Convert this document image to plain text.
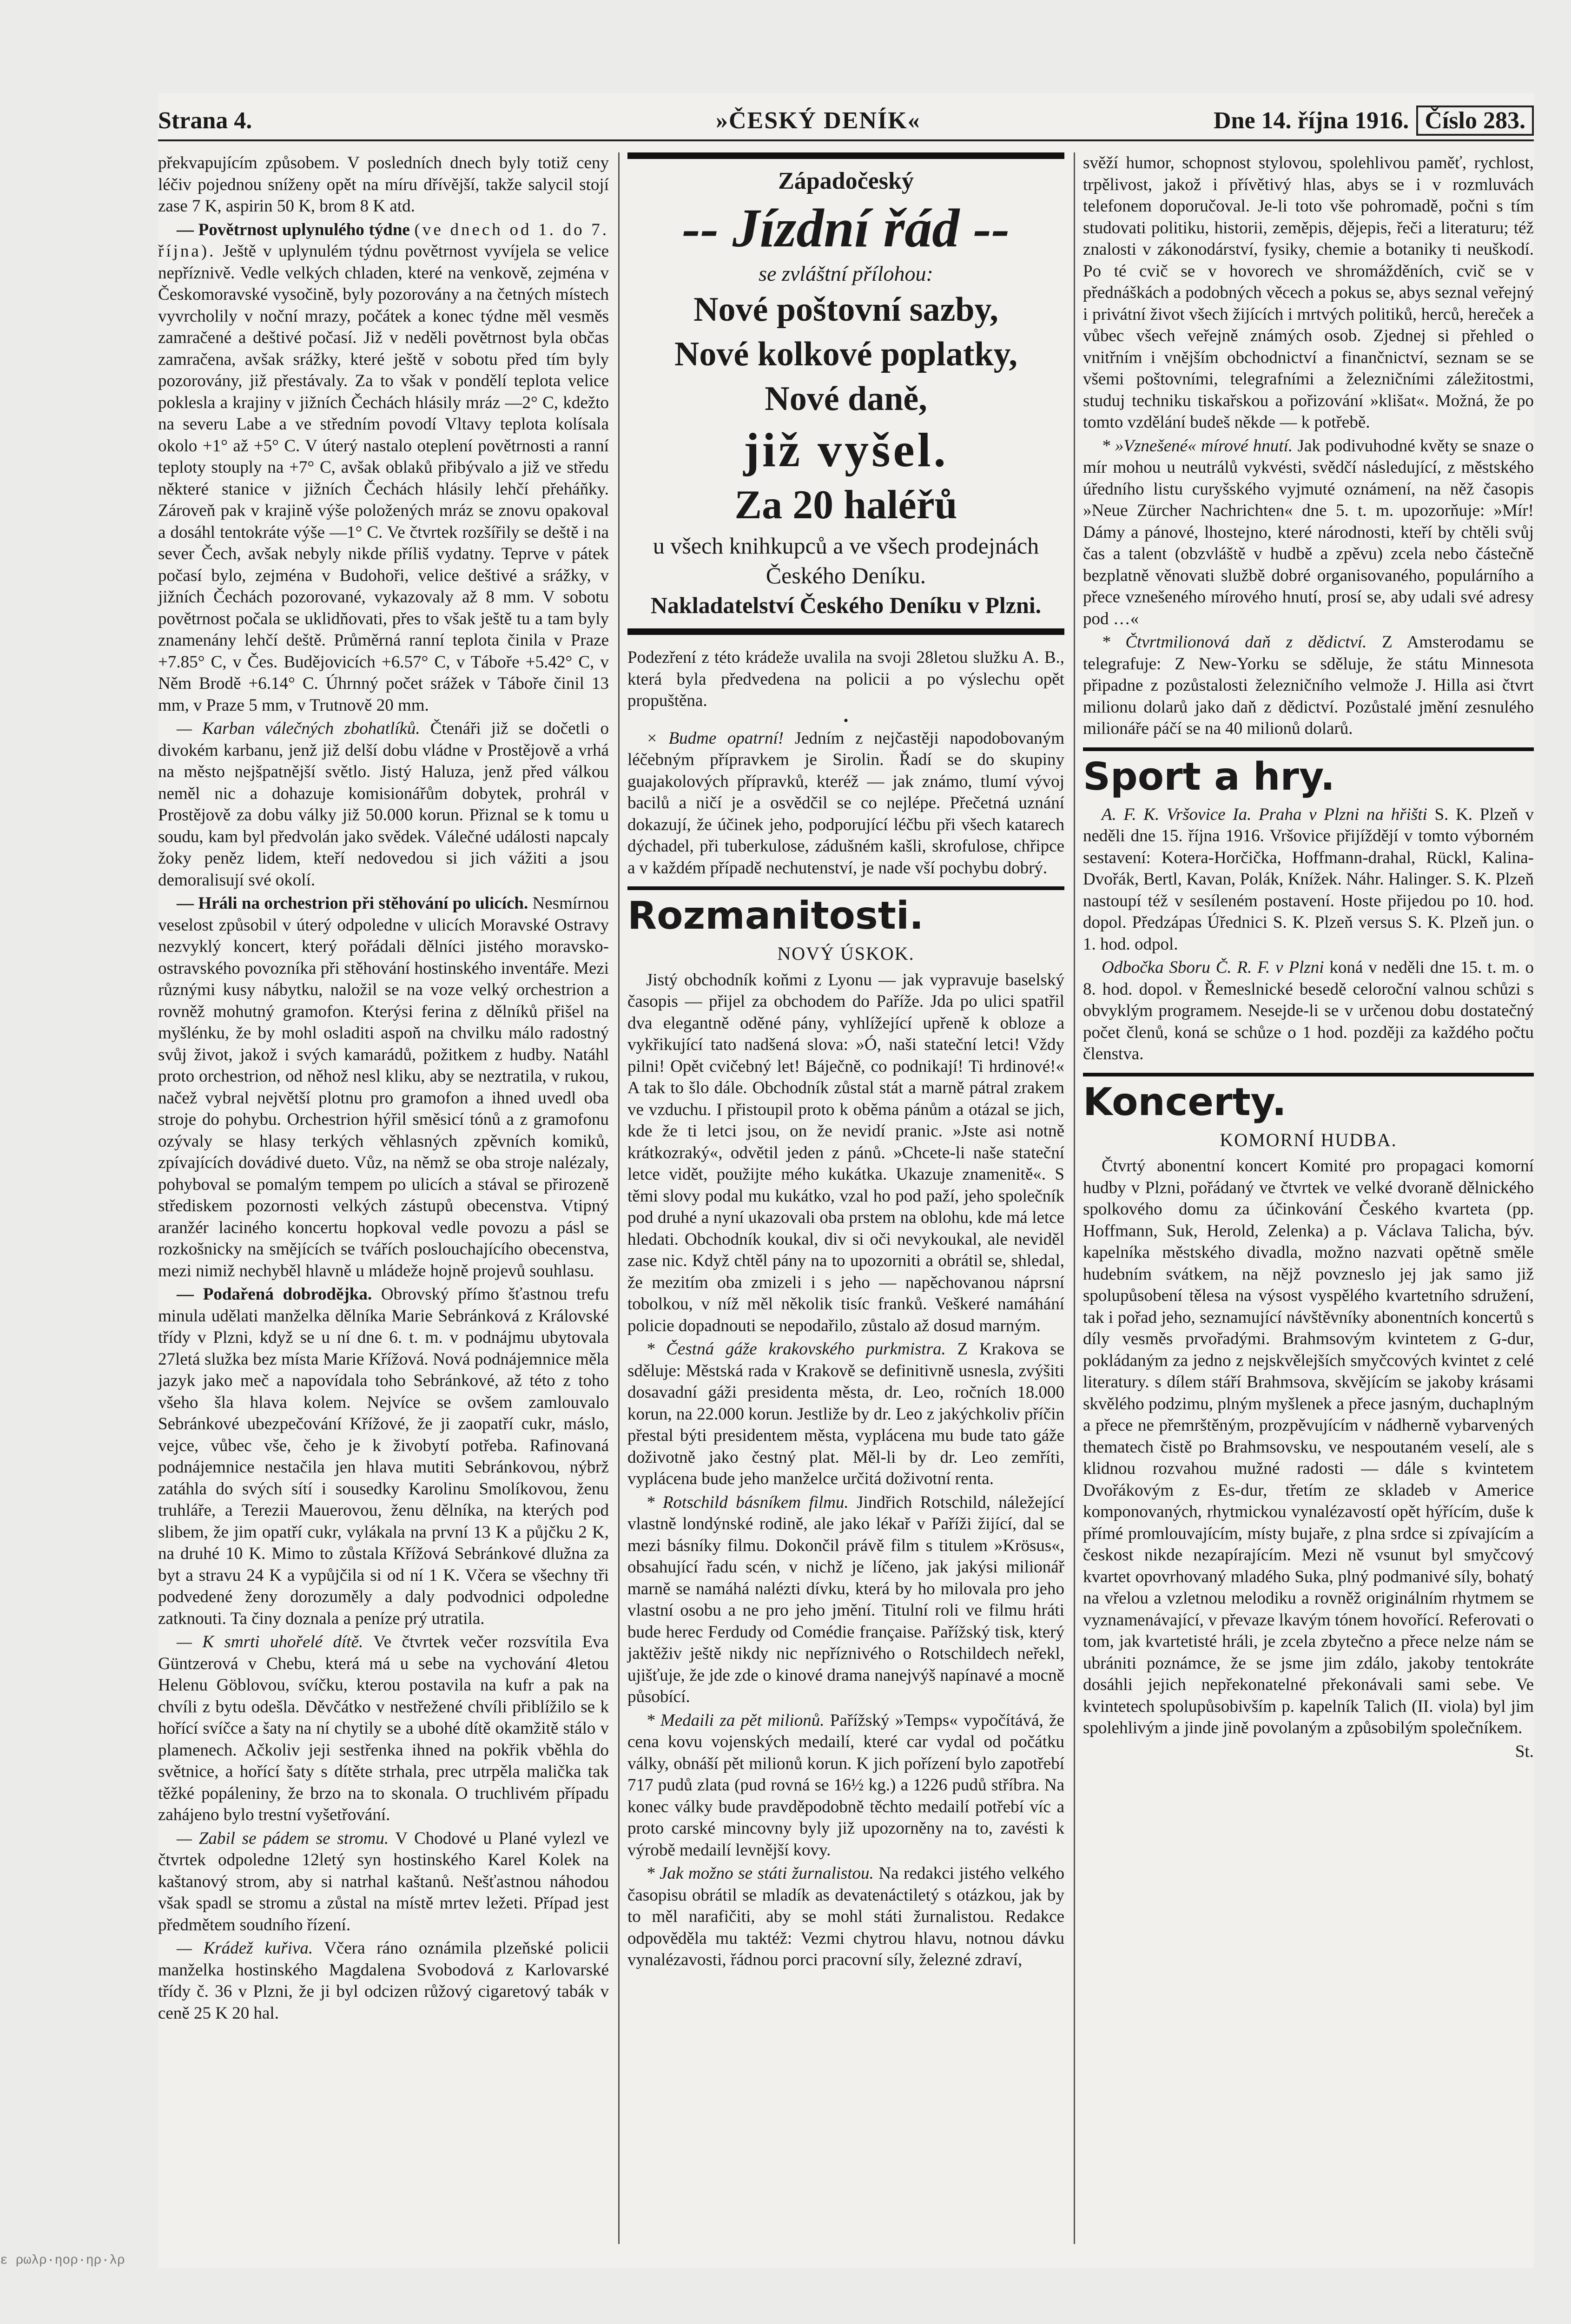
Strana 4.	»ČESKÝ DENÍK«	Dne 14. října 1916. Číslo 283.

překvapujícím způsobem. V posledních dnech byly totiž ceny léčiv pojednou sníženy opět na míru dřívější, takže salycil stojí zase 7 K, aspirin 50 K, brom 8 K atd.

— Povětrnost uplynulého týdne (ve dnech od 1. do 7. října). Ještě v uplynulém týdnu povětrnost vyvíjela se velice nepříznivě. Vedle velkých chladen, které na venkově, zejména v Českomoravské vysočině, byly pozorovány a na četných místech vyvrcholily v noční mrazy, počátek a konec týdne měl vesměs zamračené a deštivé počasí. Již v neděli povětrnost byla občas zamračena, avšak srážky, které ještě v sobotu před tím byly pozorovány, již přestávaly. Za to však v pondělí teplota velice poklesla a krajiny v jižních Čechách hlásily mráz —2° C, kdežto na severu Labe a ve středním povodí Vltavy teplota kolísala okolo +1° až +5° C. V úterý nastalo oteplení povětrnosti a ranní teploty stouply na +7° C, avšak oblaků přibývalo a již ve středu některé stanice v jižních Čechách hlásily lehčí přeháňky. Zároveň pak v krajině výše položených mráz se znovu opakoval a dosáhl tentokráte výše —1° C. Ve čtvrtek rozšířily se deště i na sever Čech, avšak nebyly nikde příliš vydatny. Teprve v pátek počasí bylo, zejména v Budohoři, velice deštivé a srážky, v jižních Čechách pozorované, vykazovaly až 8 mm. V sobotu povětrnost počala se uklidňovati, přes to však ještě tu a tam byly znamenány lehčí deště. Průměrná ranní teplota činila v Praze +7.85° C, v Čes. Budějovicích +6.57° C, v Táboře +5.42° C, v Něm Brodě +6.14° C. Úhrnný počet srážek v Táboře činil 13 mm, v Praze 5 mm, v Trutnově 20 mm.

— Karban válečných zbohatlíků. Čtenáři již se dočetli o divokém karbanu, jenž již delší dobu vládne v Prostějově a vrhá na město nejšpatnější světlo. Jistý Haluza, jenž před válkou neměl nic a dohazuje komisionářům dobytek, prohrál v Prostějově za dobu války již 50.000 korun. Přiznal se k tomu u soudu, kam byl předvolán jako svědek. Válečné události napcaly žoky peněz lidem, kteří nedovedou si jich vážiti a jsou demoralisují své okolí.

— Hráli na orchestrion při stěhování po ulicích. Nesmírnou veselost způsobil v úterý odpoledne v ulicích Moravské Ostravy nezvyklý koncert, který pořádali dělníci jistého moravsko-ostravského povozníka při stěhování hostinského inventáře. Mezi různými kusy nábytku, naložil se na voze velký orchestrion a rovněž mohutný gramofon. Kterýsi ferina z dělníků přišel na myšlénku, že by mohl osladiti aspoň na chvilku málo radostný svůj život, jakož i svých kamarádů, požitkem z hudby. Natáhl proto orchestrion, od něhož nesl kliku, aby se neztratila, v rukou, načež vybral největší plotnu pro gramofon a ihned uvedl oba stroje do pohybu. Orchestrion hýřil směsicí tónů a z gramofonu ozývaly se hlasy terkých věhlasných zpěvních komiků, zpívajících dovádivé dueto. Vůz, na němž se oba stroje nalézaly, pohyboval se pomalým tempem po ulicích a stával se přirozeně střediskem pozornosti velkých zástupů obecenstva. Vtipný aranžér laciného koncertu hopkoval vedle povozu a pásl se rozkošnicky na smějících se tvářích poslouchajícího obecenstva, mezi nimiž nechyběl hlavně u mládeže hojně projevů souhlasu.

— Podařená dobrodějka. Obrovský přímo šťastnou trefu minula udělati manželka dělníka Marie Sebránková z Královské třídy v Plzni, když se u ní dne 6. t. m. v podnájmu ubytovala 27letá služka bez místa Marie Křížová. Nová podnájemnice měla jazyk jako meč a napovídala toho Sebránkové, až této z toho všeho šla hlava kolem. Nejvíce se ovšem zamlouvalo Sebránkové ubezpečování Křížové, že ji zaopatří cukr, máslo, vejce, vůbec vše, čeho je k živobytí potřeba. Rafinovaná podnájemnice nestačila jen hlava mutiti Sebránkovou, nýbrž zatáhla do svých sítí i sousedky Karolinu Smolíkovou, ženu truhláře, a Terezii Mauerovou, ženu dělníka, na kterých pod slibem, že jim opatří cukr, vylákala na první 13 K a půjčku 2 K, na druhé 10 K. Mimo to zůstala Křížová Sebránkové dlužna za byt a stravu 24 K a vypůjčila si od ní 1 K. Včera se všechny tři podvedené ženy dorozuměly a daly podvodnici odpoledne zatknouti. Ta činy doznala a peníze prý utratila.

— K smrti uhořelé dítě. Ve čtvrtek večer rozsvítila Eva Güntzerová v Chebu, která má u sebe na vychování 4letou Helenu Göblovou, svíčku, kterou postavila na kufr a pak na chvíli z bytu odešla. Děvčátko v nestřežené chvíli přiblížilo se k hořící svíčce a šaty na ní chytily se a ubohé dítě okamžitě stálo v plamenech. Ačkoliv jeji sestřenka ihned na pokřik vběhla do světnice, a hořící šaty s dítěte strhala, prec utrpěla malička tak těžké popáleniny, že brzo na to skonala. O truchlivém případu zahájeno bylo trestní vyšetřování.

— Zabil se pádem se stromu. V Chodové u Plané vylezl ve čtvrtek odpoledne 12letý syn hostinského Karel Kolek na kaštanový strom, aby si natrhal kaštanů. Nešťastnou náhodou však spadl se stromu a zůstal na místě mrtev ležeti. Případ jest předmětem soudního řízení.

— Krádež kuřiva. Včera ráno oznámila plzeňské policii manželka hostinského Magdalena Svobodová z Karlovarské třídy č. 36 v Plzni, že ji byl odcizen růžový cigaretový tabák v ceně 25 K 20 hal.

Západočeský
-- Jízdní řád --
se zvláštní přílohou:
Nové poštovní sazby,
Nové kolkové poplatky,
Nové daně,
již vyšel.
Za 20 haléřů
u všech knihkupců a ve všech prodejnách Českého Deníku.
Nakladatelství Českého Deníku v Plzni.

Podezření z této krádeže uvalila na svoji 28letou služku A. B., která byla předvedena na policii a po výslechu opět propuštěna.

•

× Budme opatrní! Jedním z nejčastěji napodobovaným léčebným přípravkem je Sirolin. Řadí se do skupiny guajakolových přípravků, kteréž — jak známo, tlumí vývoj bacilů a ničí je a osvědčil se co nejlépe. Přečetná uznání dokazují, že účinek jeho, podporující léčbu při všech katarech dýchadel, při tuberkulose, zádušném kašli, skrofulose, chřipce a v každém případě nechutenství, je nade vší pochybu dobrý.

Rozmanitosti.
NOVÝ ÚSKOK.

Jistý obchodník koňmi z Lyonu — jak vypravuje baselský časopis — přijel za obchodem do Paříže. Jda po ulici spatřil dva elegantně oděné pány, vyhlížející upřeně k obloze a vykřikující tato nadšená slova: »Ó, naši stateční letci! Vždy pilni! Opět cvičebný let! Báječně, co podnikají! Ti hrdinové!« A tak to šlo dále. Obchodník zůstal stát a marně pátral zrakem ve vzduchu. I přistoupil proto k oběma pánům a otázal se jich, kde že ti letci jsou, on že nevidí pranic. »Jste asi notně krátkozraký«, odvětil jeden z pánů. »Chcete-li naše stateční letce vidět, použijte mého kukátka. Ukazuje znamenitě«. S těmi slovy podal mu kukátko, vzal ho pod paží, jeho společník pod druhé a nyní ukazovali oba prstem na oblohu, kde má letce hledati. Obchodník koukal, div si oči nevykoukal, ale neviděl zase nic. Když chtěl pány na to upozorniti a obrátil se, shledal, že mezitím oba zmizeli i s jeho — napěchovanou náprsní tobolkou, v níž měl několik tisíc franků. Veškeré namáhání policie dopadnouti se nepodařilo, zůstalo až dosud marným.

* Čestná gáže krakovského purkmistra. Z Krakova se sděluje: Městská rada v Krakově se definitivně usnesla, zvýšiti dosavadní gáži presidenta města, dr. Leo, ročních 18.000 korun, na 22.000 korun. Jestliže by dr. Leo z jakýchkoliv příčin přestal býti presidentem města, vyplácena mu bude tato gáže doživotně jako čestný plat. Měl-li by dr. Leo zemříti, vyplácena bude jeho manželce určitá doživotní renta.

* Rotschild básníkem filmu. Jindřich Rotschild, náležející vlastně londýnské rodině, ale jako lékař v Paříži žijící, dal se mezi básníky filmu. Dokončil právě film s titulem »Krösus«, obsahující řadu scén, v nichž je líčeno, jak jakýsi milionář marně se namáhá nalézti dívku, která by ho milovala pro jeho vlastní osobu a ne pro jeho jmění. Titulní roli ve filmu hráti bude herec Ferdudy od Comédie française. Pařížský tisk, který jaktěživ ještě nikdy nic nepříznivého o Rotschildech neřekl, ujišťuje, že jde zde o kinové drama nanejvýš napínavé a mocně působící.

* Medaili za pět milionů. Pařížský »Temps« vypočítává, že cena kovu vojenských medailí, které car vydal od počátku války, obnáší pět milionů korun. K jich pořízení bylo zapotřebí 717 pudů zlata (pud rovná se 16½ kg.) a 1226 pudů stříbra. Na konec války bude pravděpodobně těchto medailí potřebí víc a proto carské mincovny byly již upozorněny na to, zavésti k výrobě medailí levnější kovy.

* Jak možno se státi žurnalistou. Na redakci jistého velkého časopisu obrátil se mladík as devatenáctiletý s otázkou, jak by to měl narafičiti, aby se mohl státi žurnalistou. Redakce odpověděla mu taktéž: Vezmi chytrou hlavu, notnou dávku vynalézavosti, řádnou porci pracovní síly, železné zdraví,

svěží humor, schopnost stylovou, spolehlivou paměť, rychlost, trpělivost, jakož i přívětivý hlas, abys se i v rozmluvách telefonem doporučoval. Je-li toto vše pohromadě, počni s tím studovati politiku, historii, zeměpis, dějepis, řeči a literaturu; též znalosti v zákonodárství, fysiky, chemie a botaniky ti neuškodí. Po té cvič se v hovorech ve shromážděních, cvič se v přednáškách a podobných věcech a pokus se, abys seznal veřejný i privátní život všech žijících i mrtvých politiků, herců, hereček a vůbec všech veřejně známých osob. Zjednej si přehled o vnitřním i vnějším obchodnictví a finančnictví, seznam se se všemi poštovními, telegrafními a železničními záležitostmi, studuj techniku tiskařskou a pořizování »klišat«. Možná, že po tomto vzdělání budeš někde — k potřebě.

* »Vznešené« mírové hnutí. Jak podivuhodné květy se snaze o mír mohou u neutrálů vykvésti, svědčí následující, z městského úředního listu curyšského vyjmuté oznámení, na něž časopis »Neue Zürcher Nachrichten« dne 5. t. m. upozorňuje: »Mír! Dámy a pánové, lhostejno, které národnosti, kteří by chtěli svůj čas a talent (obzvláště v hudbě a zpěvu) zcela nebo částečně bezplatně věnovati službě dobré organisovaného, populárního a přece vznešeného mírového hnutí, prosí se, aby udali své adresy pod …«

* Čtvrtmilionová daň z dědictví. Z Amsterodamu se telegrafuje: Z New-Yorku se sděluje, že státu Minnesota připadne z pozůstalosti železničního velmože J. Hilla asi čtvrt milionu dolarů jako daň z dědictví. Pozůstalé jmění zesnulého milionáře páčí se na 40 milionů dolarů.

Sport a hry.

A. F. K. Vršovice Ia. Praha v Plzni na hřišti S. K. Plzeň v neděli dne 15. října 1916. Vršovice přijíždějí v tomto výborném sestavení: Kotera-Horčička, Hoffmann-drahal, Rückl, Kalina-Dvořák, Bertl, Kavan, Polák, Knížek. Náhr. Halinger. S. K. Plzeň nastoupí též v sesíleném postavení. Hoste přijedou po 10. hod. dopol. Předzápas Úřednici S. K. Plzeň versus S. K. Plzeň jun. o 1. hod. odpol.

Odbočka Sboru Č. R. F. v Plzni koná v neděli dne 15. t. m. o 8. hod. dopol. v Řemeslnické besedě celoroční valnou schůzi s obvyklým programem. Nesejde-li se v určenou dobu dostatečný počet členů, koná se schůze o 1 hod. později za každého počtu členstva.

Koncerty.
KOMORNÍ HUDBA.

Čtvrtý abonentní koncert Komité pro propagaci komorní hudby v Plzni, pořádaný ve čtvrtek ve velké dvoraně dělnického spolkového domu za účinkování Českého kvarteta (pp. Hoffmann, Suk, Herold, Zelenka) a p. Václava Talicha, býv. kapelníka městského divadla, možno nazvati opětně směle hudebním svátkem, na nějž povzneslo jej jak samo již spolupůsobení tělesa na výsost vyspělého kvartetního sdružení, tak i pořad jeho, seznamující návštěvníky abonentních koncertů s díly vesměs prvořadými. Brahmsovým kvintetem z G-dur, pokládaným za jedno z nejskvělejších smyčcových kvintet z celé literatury. s dílem stáří Brahmsova, skvějícím se jakoby krásami skvělého podzimu, plným myšlenek a přece jasným, duchaplným a přece ne přemrštěným, prozpěvujícím v nádherně vybarvených thematech čistě po Brahmsovsku, ve nespoutaném veselí, ale s klidnou rozvahou mužné radosti — dále s kvintetem Dvořákovým z Es-dur, třetím ze skladeb v Americe komponovaných, rhytmickou vynalézavostí opět hýřícím, duše k přímé promlouvajícím, místy bujaře, z plna srdce si zpívajícím a českost nikde nezapírajícím. Mezi ně vsunut byl smyčcový kvartet opovrhovaný mladého Suka, plný podmanivé síly, bohatý na vřelou a vzletnou melodiku a rovněž originálním rhytmem se vyznamenávající, v převaze lkavým tónem hovořící. Referovati o tom, jak kvartetisté hráli, je zcela zbytečno a přece nelze nám se ubrániti poznámce, že se jsme jim zdálo, jakoby tentokráte dosáhli jejich nepřekonatelné překonávali sami sebe. Ve kvintetech spolupůsobivším p. kapelník Talich (II. viola) byl jim spolehlivým a jinde jině povolaným a způsobilým společníkem.

St.
ε ρωλρ·ηορ·ηρ·λρ
